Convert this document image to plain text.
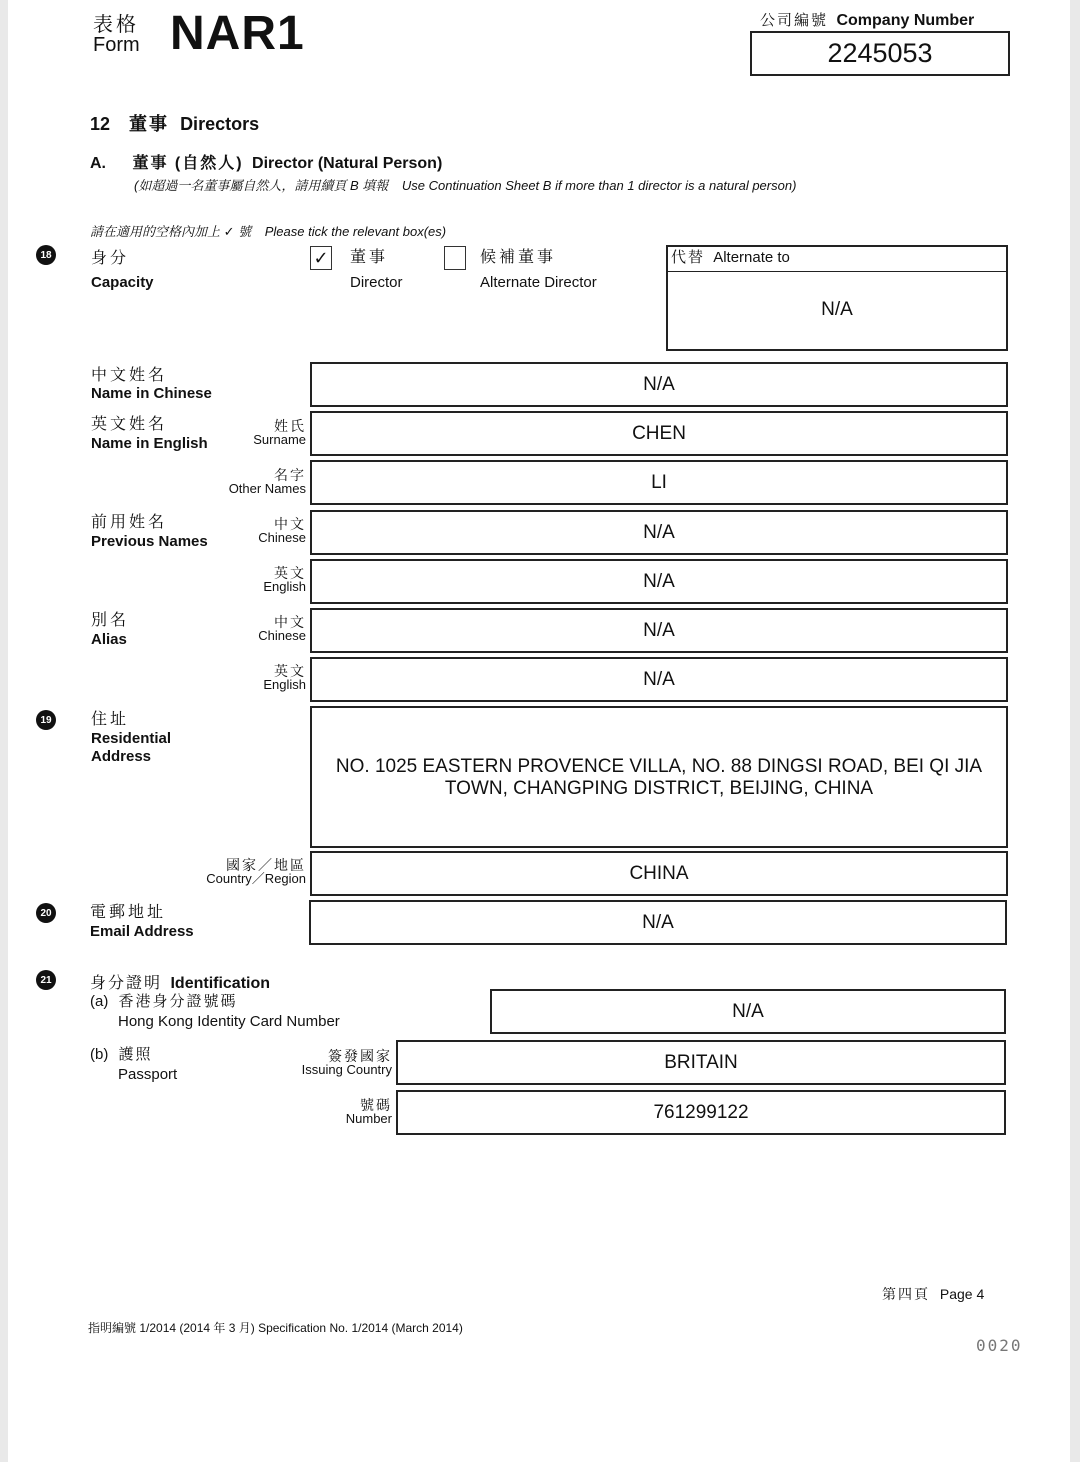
表格
Form NAR1	公司編號 Company Number
2245053
12 董事 Directors
A. 董事 (自然人) Director (Natural Person)
(如超過一名董事屬自然人，請用續頁 B 填報 Use Continuation Sheet B if more than 1 director is a natural person)
請在適用的空格內加上 ✓ 號 Please tick the relevant box(es)
18 身分
Capacity
✓ 董事
Director
候補董事
Alternate Director
代替 Alternate to
N/A
中文姓名
Name in Chinese	N/A
英文姓名
Name in English
姓氏
Surname	CHEN
名字
Other Names	LI
前用姓名
Previous Names
中文
Chinese	N/A
英文
English	N/A
別名
Alias
中文
Chinese	N/A
英文
English	N/A
19 住址
Residential
Address	NO. 1025 EASTERN PROVENCE VILLA, NO. 88 DINGSI ROAD, BEI QI JIA TOWN, CHANGPING DISTRICT, BEIJING, CHINA
國家／地區
Country／Region	CHINA
20 電郵地址
Email Address	N/A
21 身分證明 Identification
(a) 香港身分證號碼
Hong Kong Identity Card Number	N/A
(b) 護照
Passport
簽發國家
Issuing Country	BRITAIN
號碼
Number	761299122
第四頁 Page 4
指明編號 1/2014 (2014 年 3 月) Specification No. 1/2014 (March 2014)
0020
